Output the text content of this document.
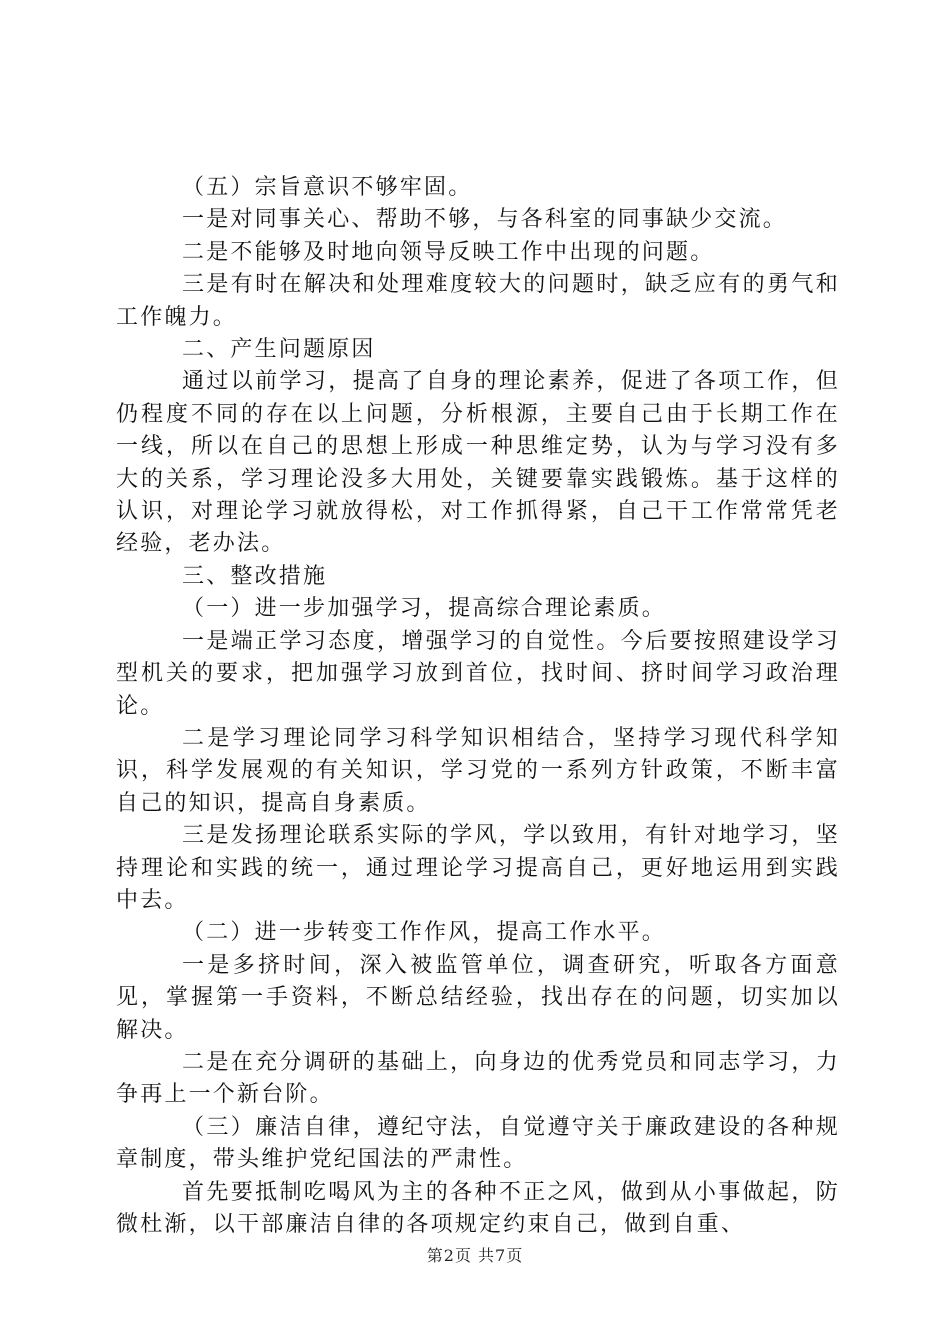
（五）宗旨意识不够牢固。

一是对同事关心、帮助不够，与各科室的同事缺少交流。

二是不能够及时地向领导反映工作中出现的问题。

三是有时在解决和处理难度较大的问题时，缺乏应有的勇气和工作魄力。

二、产生问题原因

通过以前学习，提高了自身的理论素养，促进了各项工作，但仍程度不同的存在以上问题，分析根源，主要自己由于长期工作在一线，所以在自己的思想上形成一种思维定势，认为与学习没有多大的关系，学习理论没多大用处，关键要靠实践锻炼。基于这样的认识，对理论学习就放得松，对工作抓得紧，自己干工作常常凭老经验，老办法。

三、整改措施

（一）进一步加强学习，提高综合理论素质。

一是端正学习态度，增强学习的自觉性。今后要按照建设学习型机关的要求，把加强学习放到首位，找时间、挤时间学习政治理论。

二是学习理论同学习科学知识相结合，坚持学习现代科学知识，科学发展观的有关知识，学习党的一系列方针政策，不断丰富自己的知识，提高自身素质。

三是发扬理论联系实际的学风，学以致用，有针对地学习，坚持理论和实践的统一，通过理论学习提高自己，更好地运用到实践中去。

（二）进一步转变工作作风，提高工作水平。

一是多挤时间，深入被监管单位，调查研究，听取各方面意见，掌握第一手资料，不断总结经验，找出存在的问题，切实加以解决。

二是在充分调研的基础上，向身边的优秀党员和同志学习，力争再上一个新台阶。

（三）廉洁自律，遵纪守法，自觉遵守关于廉政建设的各种规章制度，带头维护党纪国法的严肃性。

首先要抵制吃喝风为主的各种不正之风，做到从小事做起，防微杜渐，以干部廉洁自律的各项规定约束自己，做到自重、

第2页 共7页
